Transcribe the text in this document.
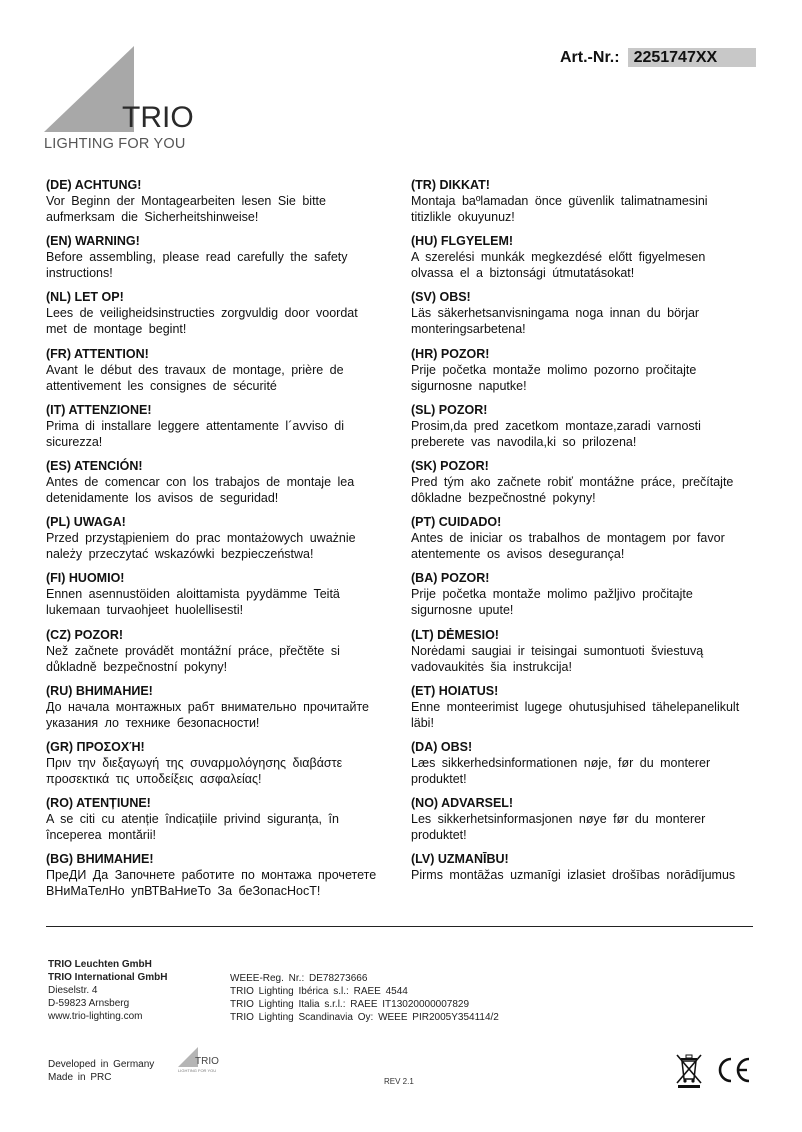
Art.-Nr.: 2251747XX
TRIO
LIGHTING FOR YOU
(DE) ACHTUNG!
Vor Beginn der Montagearbeiten lesen Sie bitte
aufmerksam die Sicherheitshinweise!
(EN) WARNING!
Before assembling, please read carefully the safety
instructions!
(NL) LET OP!
Lees de veiligheidsinstructies zorgvuldig door voordat
met de montage begint!
(FR) ATTENTION!
Avant le début des travaux de montage, prière de
attentivement les consignes de sécurité
(IT) ATTENZIONE!
Prima di installare leggere attentamente l´avviso di
sicurezza!
(ES) ATENCIÓN!
Antes de comencar con los trabajos de montaje lea
detenidamente los avisos de seguridad!
(PL) UWAGA!
Przed przystąpieniem do prac montażowych uważnie
należy przeczytać wskazówki bezpieczeństwa!
(FI) HUOMIO!
Ennen asennustöiden aloittamista pyydämme Teitä
lukemaan turvaohjeet huolellisesti!
(CZ) POZOR!
Než začnete provádět montážní práce, přečtěte si
důkladně bezpečnostní pokyny!
(RU) ВНИМАНИЕ!
До начала монтажных рабт внимательно прочитайте
указания ло технике безопасности!
(GR) ΠΡΟΣΟΧΉ!
Πριν την διεξαγωγή της συναρμολόγησης διαβάστε
προσεκτικά τις υποδείξεις ασφαλείας!
(RO) ATENȚIUNE!
A se citi cu atenție îndicațiile privind siguranța, în
începerea montării!
(BG) ВНИМАНИЕ!
ПреДИ Да Започнете работите по монтажа прочетете
ВНиМаТелНо упВТВаНиеТо За беЗопасНосТ!
(TR) DIKKAT!
Montaja baºlamadan önce güvenlik talimatnamesini
titizlikle okuyunuz!
(HU) FLGYELEM!
A szerelési munkák megkezdésé előtt figyelmesen
olvassa el a biztonsági útmutatásokat!
(SV) OBS!
Läs säkerhetsanvisningama noga innan du börjar
monteringsarbetena!
(HR) POZOR!
Prije početka montaže molimo pozorno pročitajte
sigurnosne naputke!
(SL) POZOR!
Prosim,da pred zacetkom montaze,zaradi varnosti
preberete vas navodila,ki so prilozena!
(SK) POZOR!
Pred tým ako začnete robiť montážne práce, prečítajte
dôkladne bezpečnostné pokyny!
(PT) CUIDADO!
Antes de iniciar os trabalhos de montagem por favor
atentemente os avisos desegurança!
(BA) POZOR!
Prije početka montaže molimo pažljivo pročitajte
sigurnosne upute!
(LT) DĖMESIO!
Norėdami saugiai ir teisingai sumontuoti šviestuvą
vadovaukitės šia instrukcija!
(ET) HOIATUS!
Enne monteerimist lugege ohutusjuhised tähelepanelikult
läbi!
(DA) OBS!
Læs sikkerhedsinformationen nøje, før du monterer
produktet!
(NO) ADVARSEL!
Les sikkerhetsinformasjonen nøye før du monterer
produktet!
(LV) UZMANĪBU!
Pirms montāžas uzmanīgi izlasiet drošības norādījumus
TRIO Leuchten GmbH
TRIO International GmbH
Dieselstr. 4
D-59823 Arnsberg
www.trio-lighting.com
WEEE-Reg. Nr.: DE78273666
TRIO Lighting Ibérica s.l.: RAEE 4544
TRIO Lighting Italia s.r.l.: RAEE IT13020000007829
TRIO Lighting Scandinavia Oy: WEEE PIR2005Y354114/2
Developed in Germany
Made in PRC
TRIO
LIGHTING FOR YOU
REV 2.1
